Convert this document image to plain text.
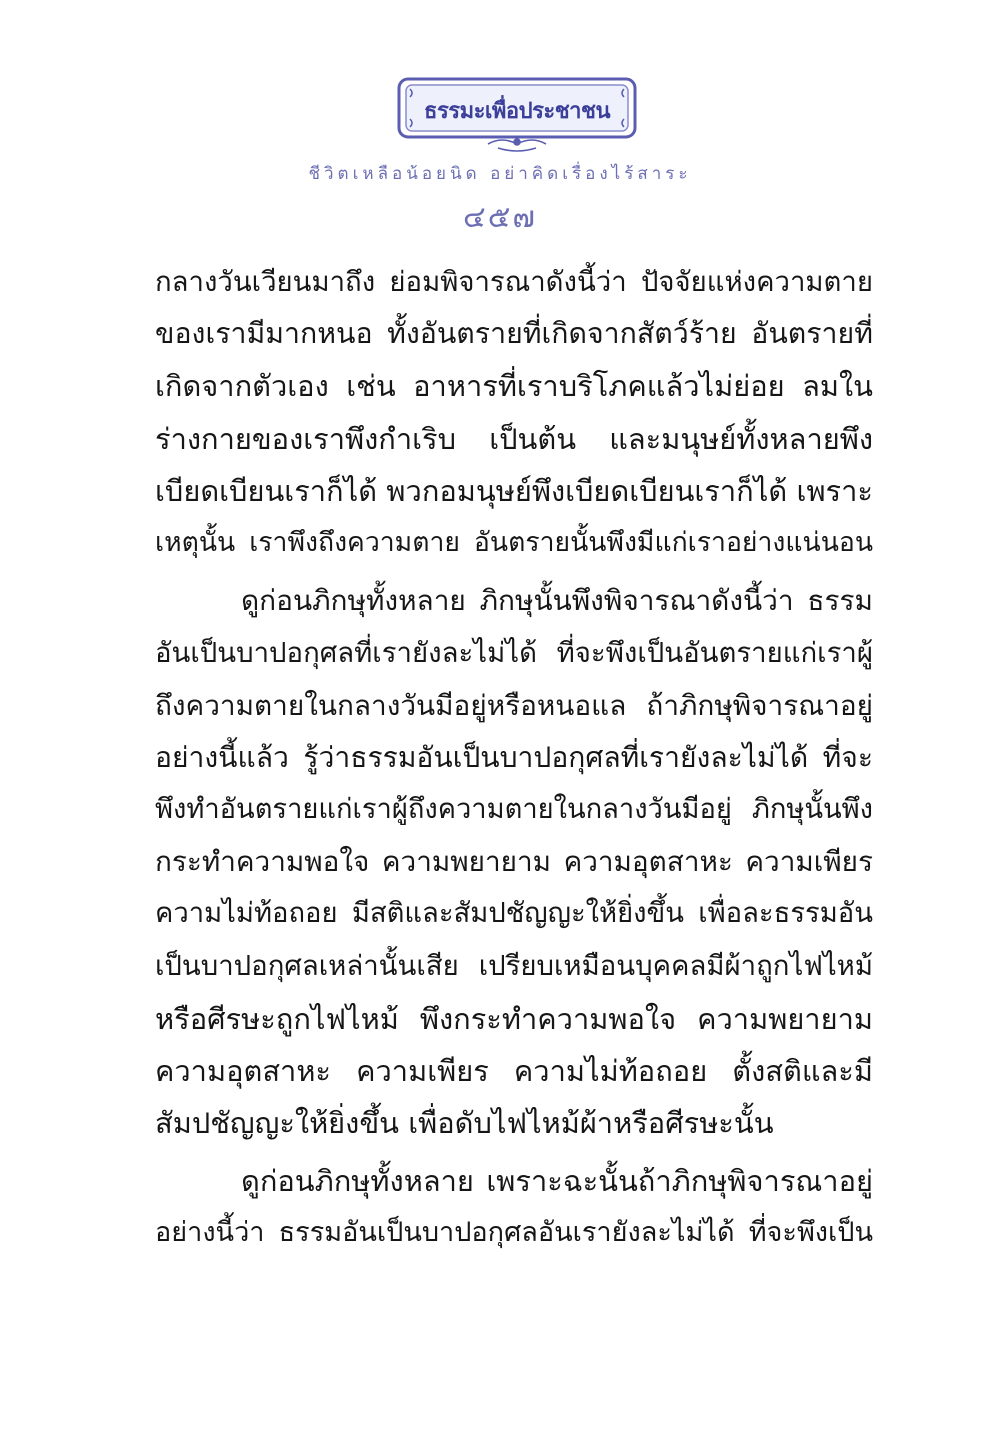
ธรรมะเพื่อประชาชน
ชีวิตเหลือน้อยนิด อย่าคิดเรื่องไร้สาระ
๔๕๗

กลางวันเวียนมาถึง ย่อมพิจารณาดังนี้ว่า ปัจจัยแห่งความตาย
ของเรามีมากหนอ ทั้งอันตรายที่เกิดจากสัตว์ร้าย อันตรายที่
เกิดจากตัวเอง เช่น อาหารที่เราบริโภคแล้วไม่ย่อย ลมใน
ร่างกายของเราพึงกำเริบ เป็นต้น และมนุษย์ทั้งหลายพึง
เบียดเบียนเราก็ได้ พวกอมนุษย์พึงเบียดเบียนเราก็ได้ เพราะ
เหตุนั้น เราพึงถึงความตาย อันตรายนั้นพึงมีแก่เราอย่างแน่นอน

ดูก่อนภิกษุทั้งหลาย ภิกษุนั้นพึงพิจารณาดังนี้ว่า ธรรม
อันเป็นบาปอกุศลที่เรายังละไม่ได้ ที่จะพึงเป็นอันตรายแก่เราผู้
ถึงความตายในกลางวันมีอยู่หรือหนอแล ถ้าภิกษุพิจารณาอยู่
อย่างนี้แล้ว รู้ว่าธรรมอันเป็นบาปอกุศลที่เรายังละไม่ได้ ที่จะ
พึงทำอันตรายแก่เราผู้ถึงความตายในกลางวันมีอยู่ ภิกษุนั้นพึง
กระทำความพอใจ ความพยายาม ความอุตสาหะ ความเพียร
ความไม่ท้อถอย มีสติและสัมปชัญญะให้ยิ่งขึ้น เพื่อละธรรมอัน
เป็นบาปอกุศลเหล่านั้นเสีย เปรียบเหมือนบุคคลมีผ้าถูกไฟไหม้
หรือศีรษะถูกไฟไหม้ พึงกระทำความพอใจ ความพยายาม
ความอุตสาหะ ความเพียร ความไม่ท้อถอย ตั้งสติและมี
สัมปชัญญะให้ยิ่งขึ้น เพื่อดับไฟไหม้ผ้าหรือศีรษะนั้น

ดูก่อนภิกษุทั้งหลาย เพราะฉะนั้นถ้าภิกษุพิจารณาอยู่
อย่างนี้ว่า ธรรมอันเป็นบาปอกุศลอันเรายังละไม่ได้ ที่จะพึงเป็น
